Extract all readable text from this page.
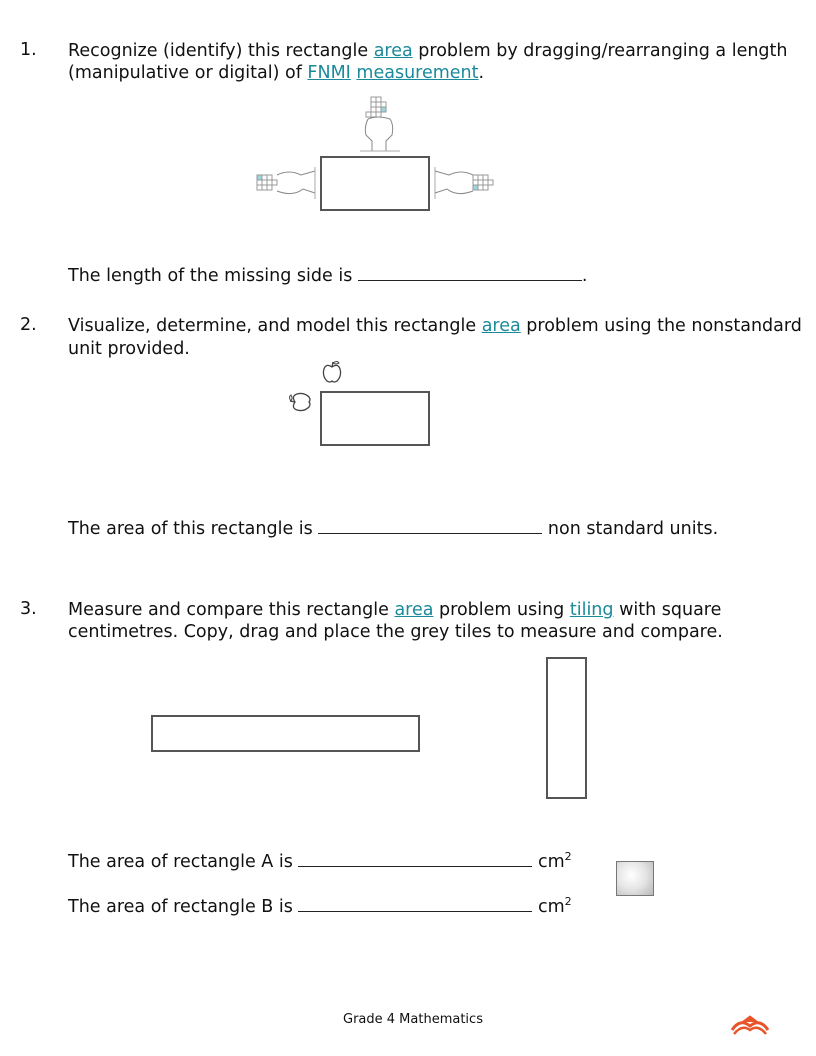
1. Recognize (identify) this rectangle area problem by dragging/rearranging a length
(manipulative or digital) of FNMI measurement.
The length of the missing side is	.
2. Visualize, determine, and model this rectangle area problem using the nonstandard
unit provided.
The area of this rectangle is	non standard units.
3. Measure and compare this rectangle area problem using tiling with square
centimetres. Copy, drag and place the grey tiles to measure and compare.
The area of rectangle A is	$cm^2$
The area of rectangle B is	$cm^2$
Grade 4 Mathematics
